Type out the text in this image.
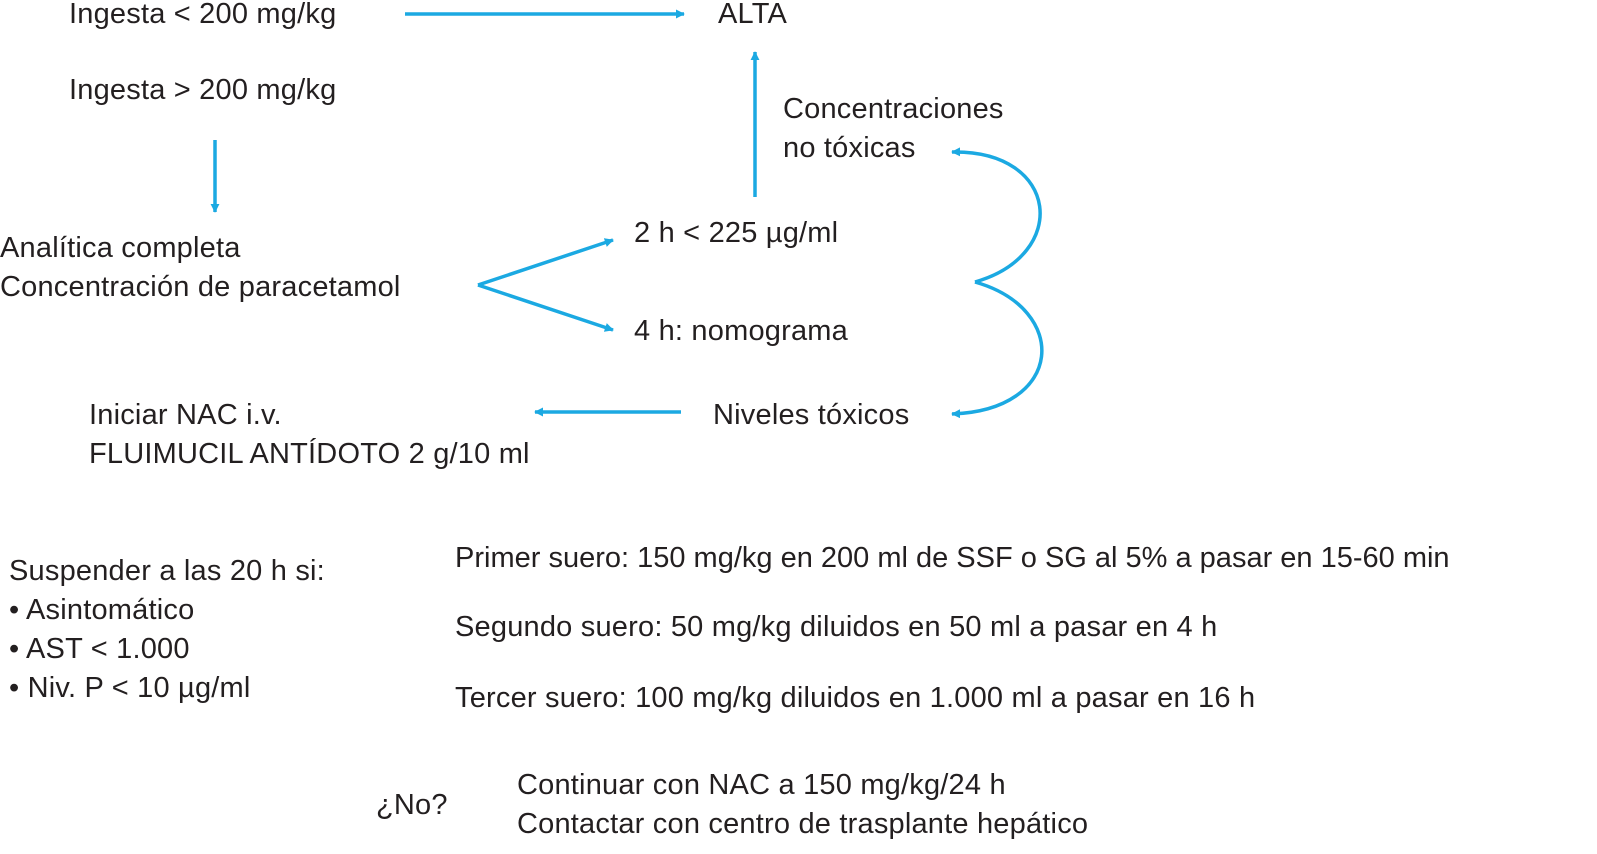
Ingesta < 200 mg/kg	ALTA
Ingesta > 200 mg/kg
Concentraciones
no tóxicas
Analítica completa
Concentración de paracetamol
2 h < 225 µg/ml
4 h: nomograma
Niveles tóxicos
Iniciar NAC i.v.
FLUIMUCIL ANTÍDOTO 2 g/10 ml
Suspender a las 20 h si:
• Asintomático
• AST < 1.000
• Niv. P < 10 µg/ml
Primer suero: 150 mg/kg en 200 ml de SSF o SG al 5% a pasar en 15-60 min
Segundo suero: 50 mg/kg diluidos en 50 ml a pasar en 4 h
Tercer suero: 100 mg/kg diluidos en 1.000 ml a pasar en 16 h
¿No?
Continuar con NAC a 150 mg/kg/24 h
Contactar con centro de trasplante hepático
